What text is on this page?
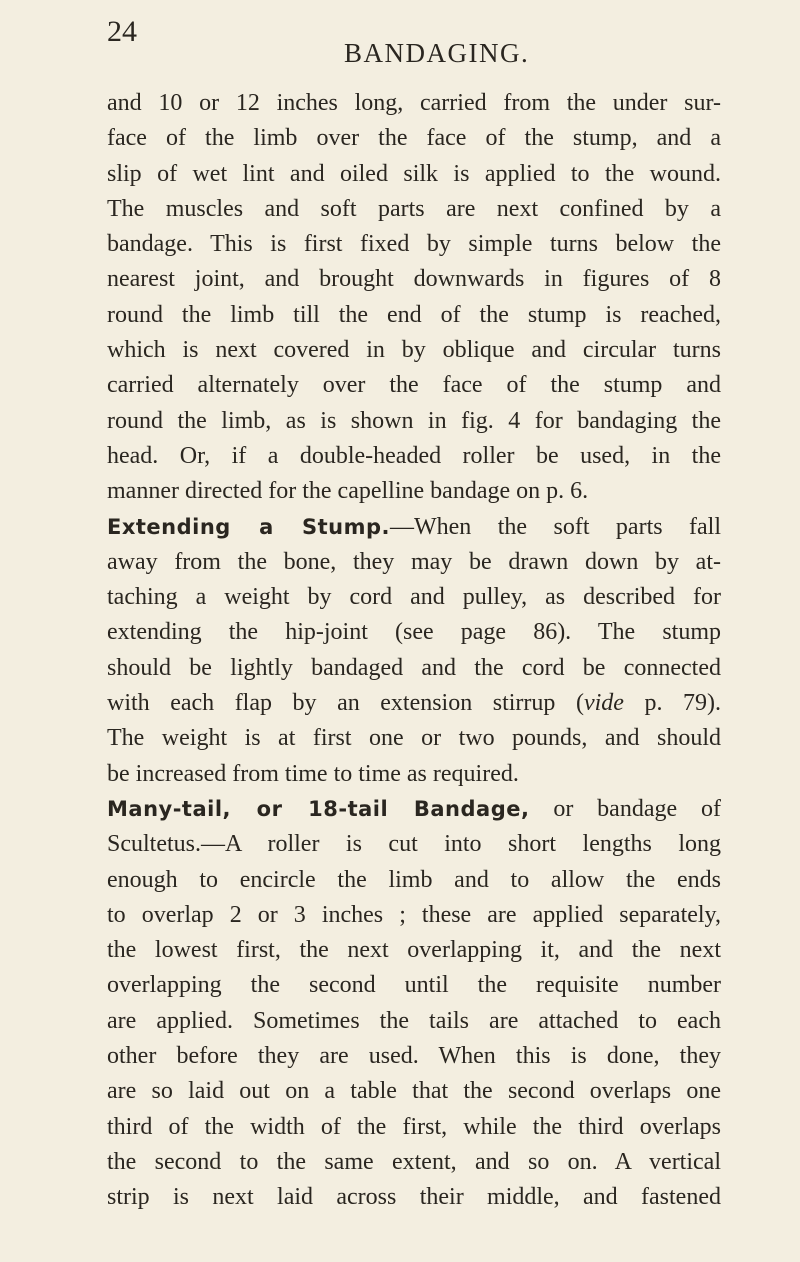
24
BANDAGING.
and 10 or 12 inches long, carried from the under sur-
face of the limb over the face of the stump, and a
slip of wet lint and oiled silk is applied to the wound.
The muscles and soft parts are next confined by a
bandage. This is first fixed by simple turns below the
nearest joint, and brought downwards in figures of 8
round the limb till the end of the stump is reached,
which is next covered in by oblique and circular turns
carried alternately over the face of the stump and
round the limb, as is shown in fig. 4 for bandaging the
head. Or, if a double-headed roller be used, in the
manner directed for the capelline bandage on p. 6.
Extending a Stump.—When the soft parts fall
away from the bone, they may be drawn down by at-
taching a weight by cord and pulley, as described for
extending the hip-joint (see page 86). The stump
should be lightly bandaged and the cord be connected
with each flap by an extension stirrup (vide p. 79).
The weight is at first one or two pounds, and should
be increased from time to time as required.
Many-tail, or 18-tail Bandage, or bandage of
Scultetus.—A roller is cut into short lengths long
enough to encircle the limb and to allow the ends
to overlap 2 or 3 inches ; these are applied separately,
the lowest first, the next overlapping it, and the next
overlapping the second until the requisite number
are applied. Sometimes the tails are attached to each
other before they are used. When this is done, they
are so laid out on a table that the second overlaps one
third of the width of the first, while the third overlaps
the second to the same extent, and so on. A vertical
strip is next laid across their middle, and fastened
